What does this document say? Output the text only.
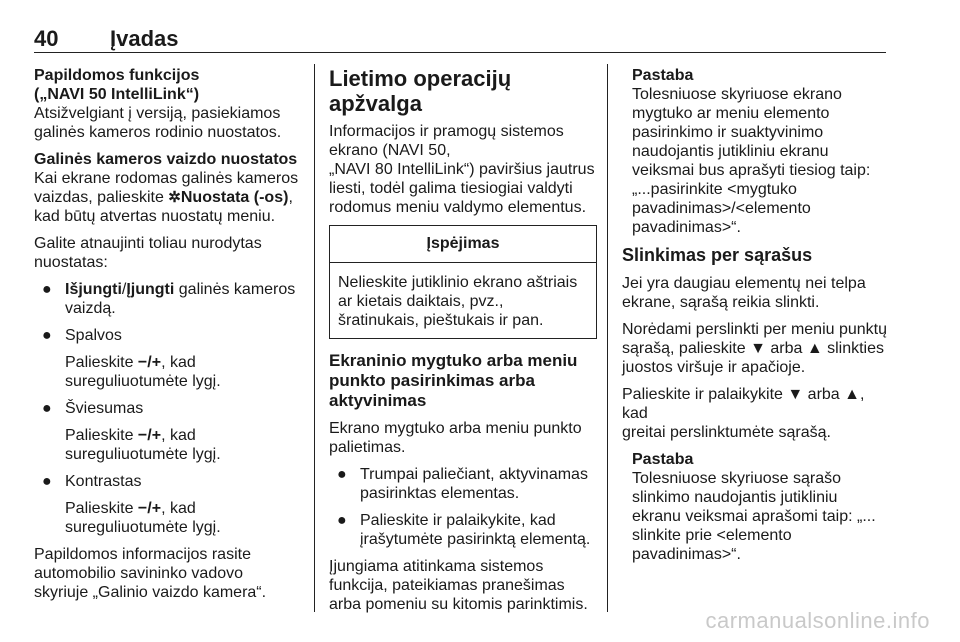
40 Įvadas

Papildomos funkcijos
(„NAVI 50 IntelliLink“)

Atsižvelgiant į versiją, pasiekiamos
galinės kameros rodinio nuostatos.

Galinės kameros vaizdo nuostatos

Kai ekrane rodomas galinės kameros
vaizdas, palieskite ✲Nuostata (-os),
kad būtų atvertas nuostatų meniu.

Galite atnaujinti toliau nurodytas
nuostatas:

● Išjungti/Įjungti galinės kameros
vaizdą.
● Spalvos

Palieskite −/+, kad
sureguliuotumėte lygį.

● Šviesumas

Palieskite −/+, kad
sureguliuotumėte lygį.

● Kontrastas

Palieskite −/+, kad
sureguliuotumėte lygį.

Papildomos informacijos rasite
automobilio savininko vadovo
skyriuje „Galinio vaizdo kamera“.

Lietimo operacijų apžvalga

Informacijos ir pramogų sistemos
ekrano (NAVI 50,
„NAVI 80 IntelliLink“) paviršius jautrus
liesti, todėl galima tiesiogiai valdyti
rodomus meniu valdymo elementus.

Įspėjimas
Nelieskite jutiklinio ekrano aštriais
ar kietais daiktais, pvz.,
šratinukais, pieštukais ir pan.

Ekraninio mygtuko arba meniu
punkto pasirinkimas arba
aktyvinimas

Ekrano mygtuko arba meniu punkto
palietimas.

● Trumpai paliečiant, aktyvinamas
pasirinktas elementas.
● Palieskite ir palaikykite, kad
įrašytumėte pasirinktą elementą.

Įjungiama atitinkama sistemos
funkcija, pateikiamas pranešimas
arba pomeniu su kitomis parinktimis.

Pastaba

Tolesniuose skyriuose ekrano
mygtuko ar meniu elemento
pasirinkimo ir suaktyvinimo
naudojantis jutikliniu ekranu
veiksmai bus aprašyti tiesiog taip:
„...pasirinkite <mygtuko
pavadinimas>/<elemento
pavadinimas>“.

Slinkimas per sąrašus

Jei yra daugiau elementų nei telpa
ekrane, sąrašą reikia slinkti.

Norėdami perslinkti per meniu punktų
sąrašą, palieskite ▼ arba ▲ slinkties
juostos viršuje ir apačioje.

Palieskite ir palaikykite ▼ arba ▲, kad
greitai perslinktumėte sąrašą.

Pastaba

Tolesniuose skyriuose sąrašo
slinkimo naudojantis jutikliniu
ekranu veiksmai aprašomi taip: „...
slinkite prie <elemento
pavadinimas>“.

carmanualsonline.info
